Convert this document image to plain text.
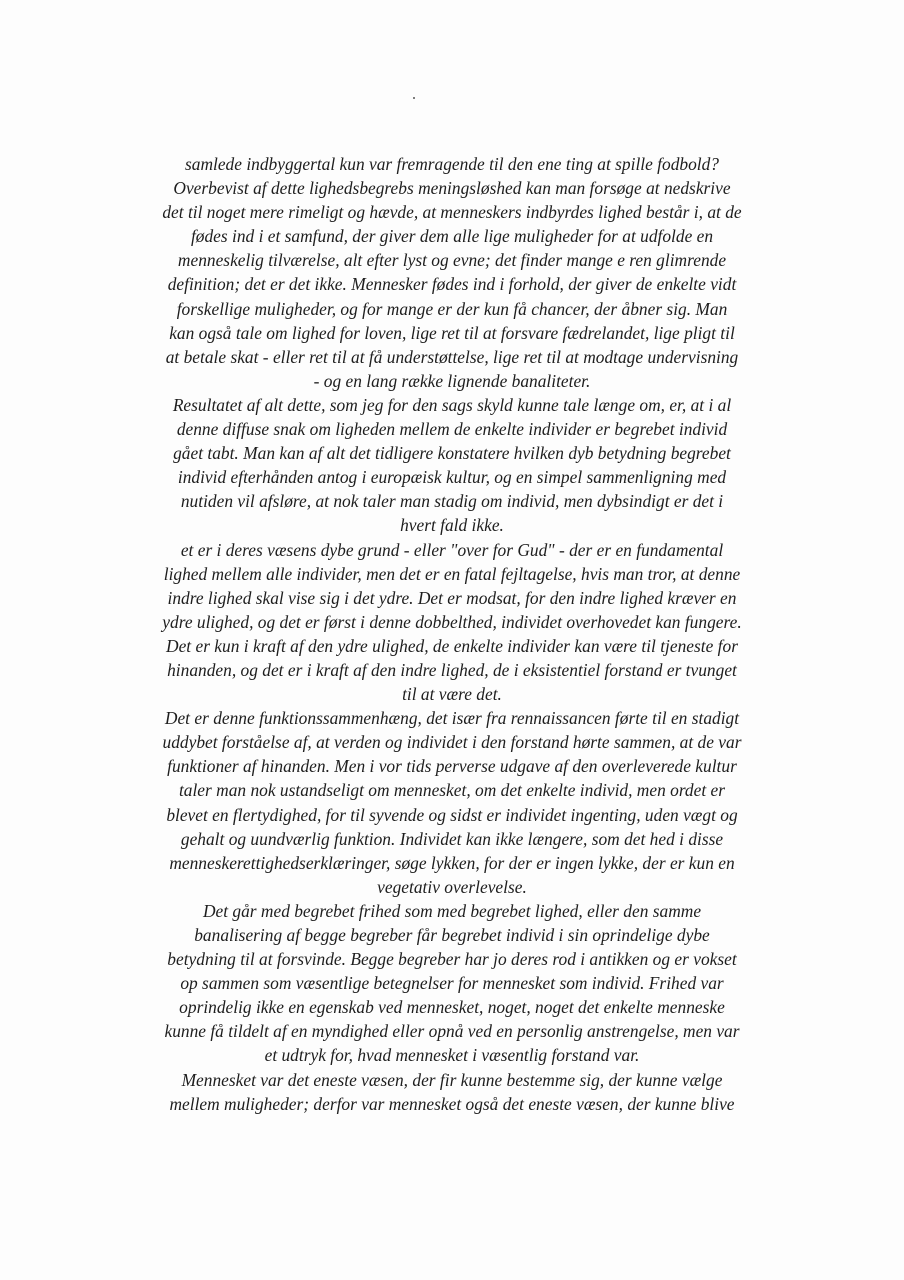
samlede indbyggertal kun var fremragende til den ene ting at spille fodbold?
Overbevist af dette lighedsbegrebs meningsløshed kan man forsøge at nedskrive
det til noget mere rimeligt og hævde, at menneskers indbyrdes lighed består i, at de
fødes ind i et samfund, der giver dem alle lige muligheder for at udfolde en
menneskelig tilværelse, alt efter lyst og evne; det finder mange e ren glimrende
definition; det er det ikke. Mennesker fødes ind i forhold, der giver de enkelte vidt
forskellige muligheder, og for mange er der kun få chancer, der åbner sig. Man
kan også tale om lighed for loven, lige ret til at forsvare fædrelandet, lige pligt til
at betale skat - eller ret til at få understøttelse, lige ret til at modtage undervisning
- og en lang række lignende banaliteter.
Resultatet af alt dette, som jeg for den sags skyld kunne tale længe om, er, at i al
denne diffuse snak om ligheden mellem de enkelte individer er begrebet individ
gået tabt. Man kan af alt det tidligere konstatere hvilken dyb betydning begrebet
individ efterhånden antog i europæisk kultur, og en simpel sammenligning med
nutiden vil afsløre, at nok taler man stadig om individ, men dybsindigt er det i
hvert fald ikke.
et er i deres væsens dybe grund - eller "over for Gud" - der er en fundamental
lighed mellem alle individer, men det er en fatal fejltagelse, hvis man tror, at denne
indre lighed skal vise sig i det ydre. Det er modsat, for den indre lighed kræver en
ydre ulighed, og det er først i denne dobbelthed, individet overhovedet kan fungere.
Det er kun i kraft af den ydre ulighed, de enkelte individer kan være til tjeneste for
hinanden, og det er i kraft af den indre lighed, de i eksistentiel forstand er tvunget
til at være det.
Det er denne funktionssammenhæng, det især fra rennaissancen førte til en stadigt
uddybet forståelse af, at verden og individet i den forstand hørte sammen, at de var
funktioner af hinanden. Men i vor tids perverse udgave af den overleverede kultur
taler man nok ustandseligt om mennesket, om det enkelte individ, men ordet er
blevet en flertydighed, for til syvende og sidst er individet ingenting, uden vægt og
gehalt og uundværlig funktion. Individet kan ikke længere, som det hed i disse
menneskerettighedserklæringer, søge lykken, for der er ingen lykke, der er kun en
vegetativ overlevelse.
Det går med begrebet frihed som med begrebet lighed, eller den samme
banalisering af begge begreber får begrebet individ i sin oprindelige dybe
betydning til at forsvinde. Begge begreber har jo deres rod i antikken og er vokset
op sammen som væsentlige betegnelser for mennesket som individ. Frihed var
oprindelig ikke en egenskab ved mennesket, noget, noget det enkelte menneske
kunne få tildelt af en myndighed eller opnå ved en personlig anstrengelse, men var
et udtryk for, hvad mennesket i væsentlig forstand var.
Mennesket var det eneste væsen, der fir kunne bestemme sig, der kunne vælge
mellem muligheder; derfor var mennesket også det eneste væsen, der kunne blive
